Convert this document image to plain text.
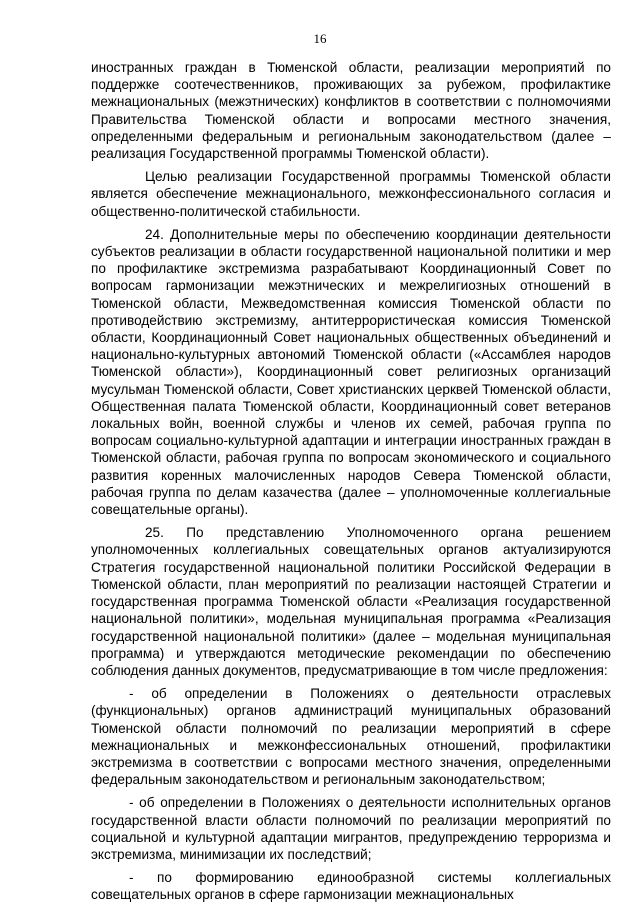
16

иностранных граждан в Тюменской области, реализации мероприятий по поддержке соотечественников, проживающих за рубежом, профилактике межнациональных (межэтнических) конфликтов в соответствии с полномочиями Правительства Тюменской области и вопросами местного значения, определенными федеральным и региональным законодательством (далее – реализация Государственной программы Тюменской области).

Целью реализации Государственной программы Тюменской области является обеспечение межнационального, межконфессионального согласия и общественно-политической стабильности.

24. Дополнительные меры по обеспечению координации деятельности субъектов реализации в области государственной национальной политики и мер по профилактике экстремизма разрабатывают Координационный Совет по вопросам гармонизации межэтнических и межрелигиозных отношений в Тюменской области, Межведомственная комиссия Тюменской области по противодействию экстремизму, антитеррористическая комиссия Тюменской области, Координационный Совет национальных общественных объединений и национально-культурных автономий Тюменской области («Ассамблея народов Тюменской области»), Координационный совет религиозных организаций мусульман Тюменской области, Совет христианских церквей Тюменской области, Общественная палата Тюменской области, Координационный совет ветеранов локальных войн, военной службы и членов их семей, рабочая группа по вопросам социально-культурной адаптации и интеграции иностранных граждан в Тюменской области, рабочая группа по вопросам экономического и социального развития коренных малочисленных народов Севера Тюменской области, рабочая группа по делам казачества (далее – уполномоченные коллегиальные совещательные органы).

25. По представлению Уполномоченного органа решением уполномоченных коллегиальных совещательных органов актуализируются Стратегия государственной национальной политики Российской Федерации в Тюменской области, план мероприятий по реализации настоящей Стратегии и государственная программа Тюменской области «Реализация государственной национальной политики», модельная муниципальная программа «Реализация государственной национальной политики» (далее – модельная муниципальная программа) и утверждаются методические рекомендации по обеспечению соблюдения данных документов, предусматривающие в том числе предложения:

- об определении в Положениях о деятельности отраслевых (функциональных) органов администраций муниципальных образований Тюменской области полномочий по реализации мероприятий в сфере межнациональных и межконфессиональных отношений, профилактики экстремизма в соответствии с вопросами местного значения, определенными федеральным законодательством и региональным законодательством;

- об определении в Положениях о деятельности исполнительных органов государственной власти области полномочий по реализации мероприятий по социальной и культурной адаптации мигрантов, предупреждению терроризма и экстремизма, минимизации их последствий;

- по формированию единообразной системы коллегиальных совещательных органов в сфере гармонизации межнациональных
